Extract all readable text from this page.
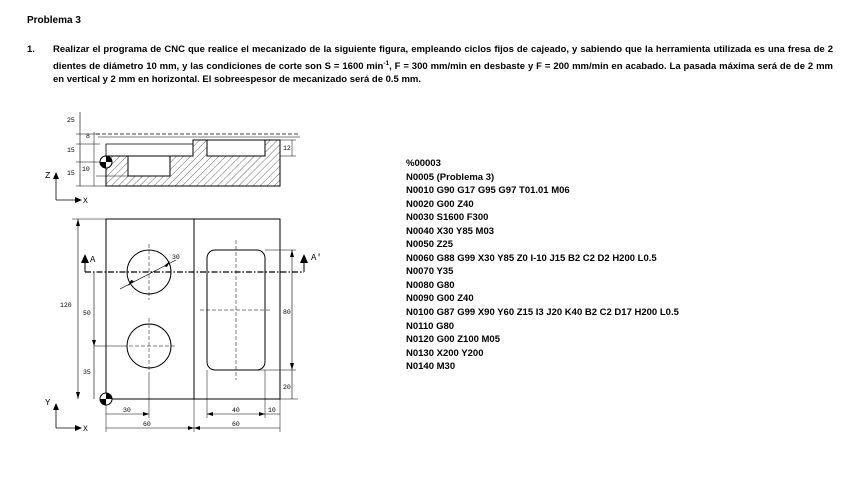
Problema 3
1. Realizar el programa de CNC que realice el mecanizado de la siguiente figura, empleando ciclos fijos de cajeado, y sabiendo que la herramienta utilizada es una fresa de 2 dientes de diámetro 10 mm, y las condiciones de corte son S = 1600 $\min^{-1}$, F = 300 mm/min en desbaste y F = 200 mm/min en acabado. La pasada máxima será de de 2 mm en vertical y 2 mm en horizontal. El sobreespesor de mecanizado será de 0.5 mm.
%00003
N0005 (Problema 3)
N0010 G90 G17 G95 G97 T01.01 M06
N0020 G00 Z40
N0030 S1600 F300
N0040 X30 Y85 M03
N0050 Z25
N0060 G88 G99 X30 Y85 Z0 I-10 J15 B2 C2 D2 H200 L0.5
N0070 Y35
N0080 G80
N0090 G00 Z40
N0100 G87 G99 X90 Y60 Z15 I3 J20 K40 B2 C2 D17 H200 L0.5
N0110 G80
N0120 G00 Z100 M05
N0130 X200 Y200
N0140 M30
25
8
15
15
10
12
Z
X
A	A'
30
120
50
35
80
20
30
60
40	10
60
Y
X
